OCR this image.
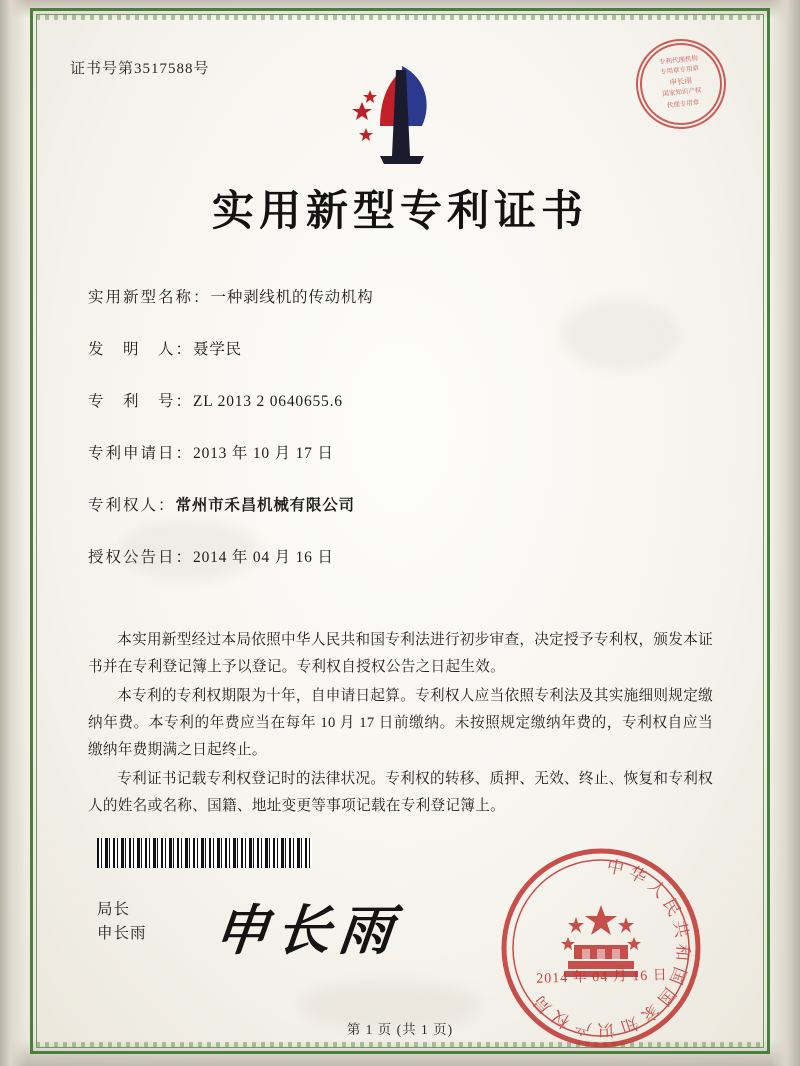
证书号第3517588号
申长雨
国家知识产权
专利代理机构
专用章专用章
代理专用章
实用新型专利证书
实用新型名称：一种剥线机的传动机构
发　明　人：聂学民
专　利　号：ZL 2013 2 0640655.6
专利申请日：2013 年 10 月 17 日
专利权人：常州市禾昌机械有限公司
授权公告日：2014 年 04 月 16 日

本实用新型经过本局依照中华人民共和国专利法进行初步审查，决定授予专利权，颁发本证书并在专利登记簿上予以登记。专利权自授权公告之日起生效。

本专利的专利权期限为十年，自申请日起算。专利权人应当依照专利法及其实施细则规定缴纳年费。本专利的年费应当在每年 10 月 17 日前缴纳。未按照规定缴纳年费的，专利权自应当缴纳年费期满之日起终止。

专利证书记载专利权登记时的法律状况。专利权的转移、质押、无效、终止、恢复和专利权人的姓名或名称、国籍、地址变更等事项记载在专利登记簿上。

局长
申长雨 申长雨
中华人民共和国国家知识产权局
2014 年 04 月 16 日
第 1 页 (共 1 页)
